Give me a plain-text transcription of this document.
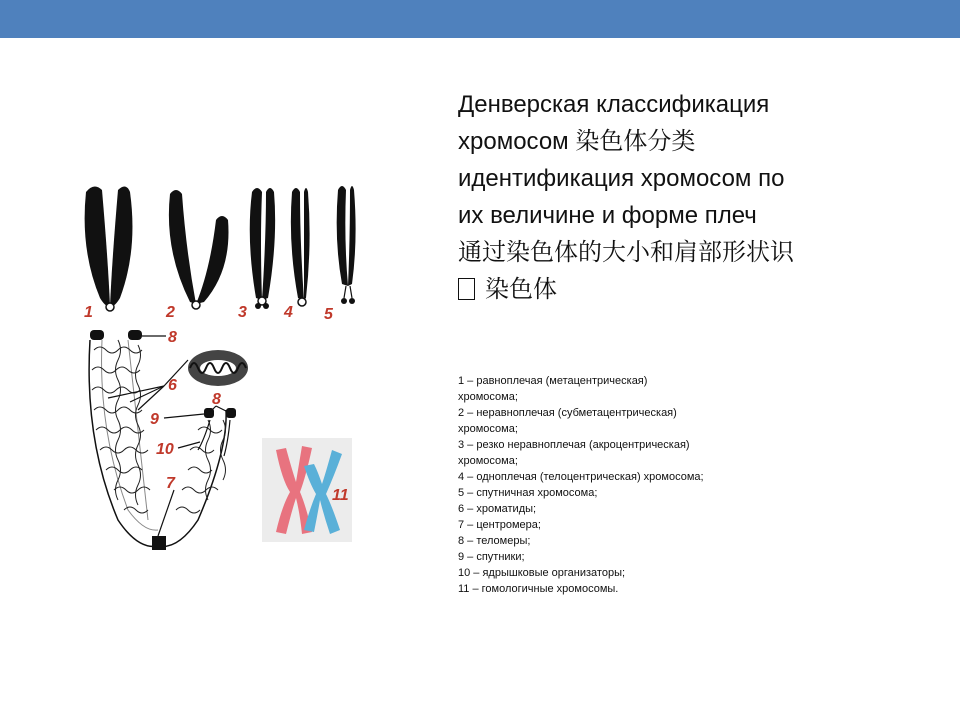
1	2	3 4 5
8
6
9
8
10
7
11
Денверская классификация
хромосом 染色体分类
идентификация хромосом по
их величине и форме плеч
通过染色体的大小和肩部形状识
染色体
1 – равноплечая (метацентрическая)
хромосома;
2 – неравноплечая (субметацентрическая)
хромосома;
3 – резко неравноплечая (акроцентрическая)
хромосома;
4 – одноплечая (телоцентрическая) хромосома;
5 – спутничная хромосома;
6 – хроматиды;
7 – центромера;
8 – теломеры;
9 – спутники;
10 – ядрышковые организаторы;
11 – гомологичные хромосомы.
